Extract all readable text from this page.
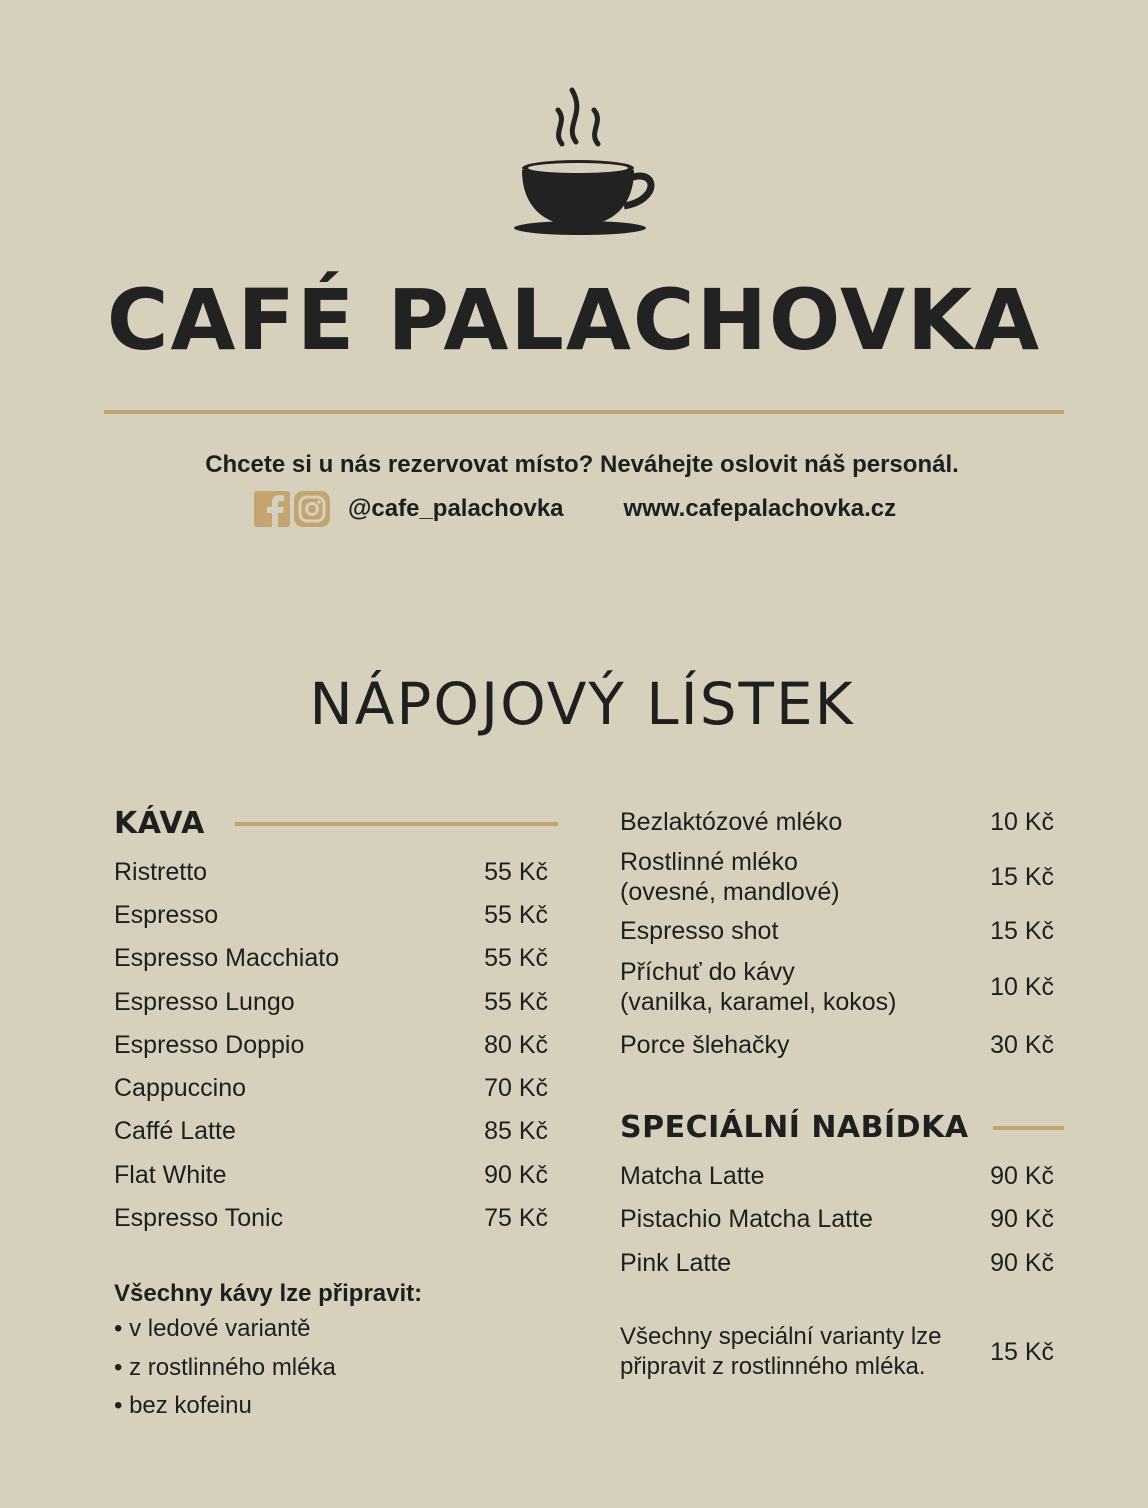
CAFÉ PALACHOVKA
Chcete si u nás rezervovat místo? Neváhejte oslovit náš personál.
@cafe_palachovka	www.cafepalachovka.cz
NÁPOJOVÝ LÍSTEK
KÁVA
Ristretto	55 Kč
Espresso	55 Kč
Espresso Macchiato	55 Kč
Espresso Lungo	55 Kč
Espresso Doppio	80 Kč
Cappuccino	70 Kč
Caffé Latte	85 Kč
Flat White	90 Kč
Espresso Tonic	75 Kč
Všechny kávy lze připravit:
• v ledové variantě
• z rostlinného mléka
• bez kofeinu
Bezlaktózové mléko	10 Kč
Rostlinné mléko
(ovesné, mandlové)
15 Kč
Espresso shot	15 Kč
Příchuť do kávy
(vanilka, karamel, kokos)
10 Kč
Porce šlehačky	30 Kč
SPECIÁLNÍ NABÍDKA
Matcha Latte	90 Kč
Pistachio Matcha Latte	90 Kč
Pink Latte	90 Kč
Všechny speciální varianty lze připravit z rostlinného mléka.
15 Kč
